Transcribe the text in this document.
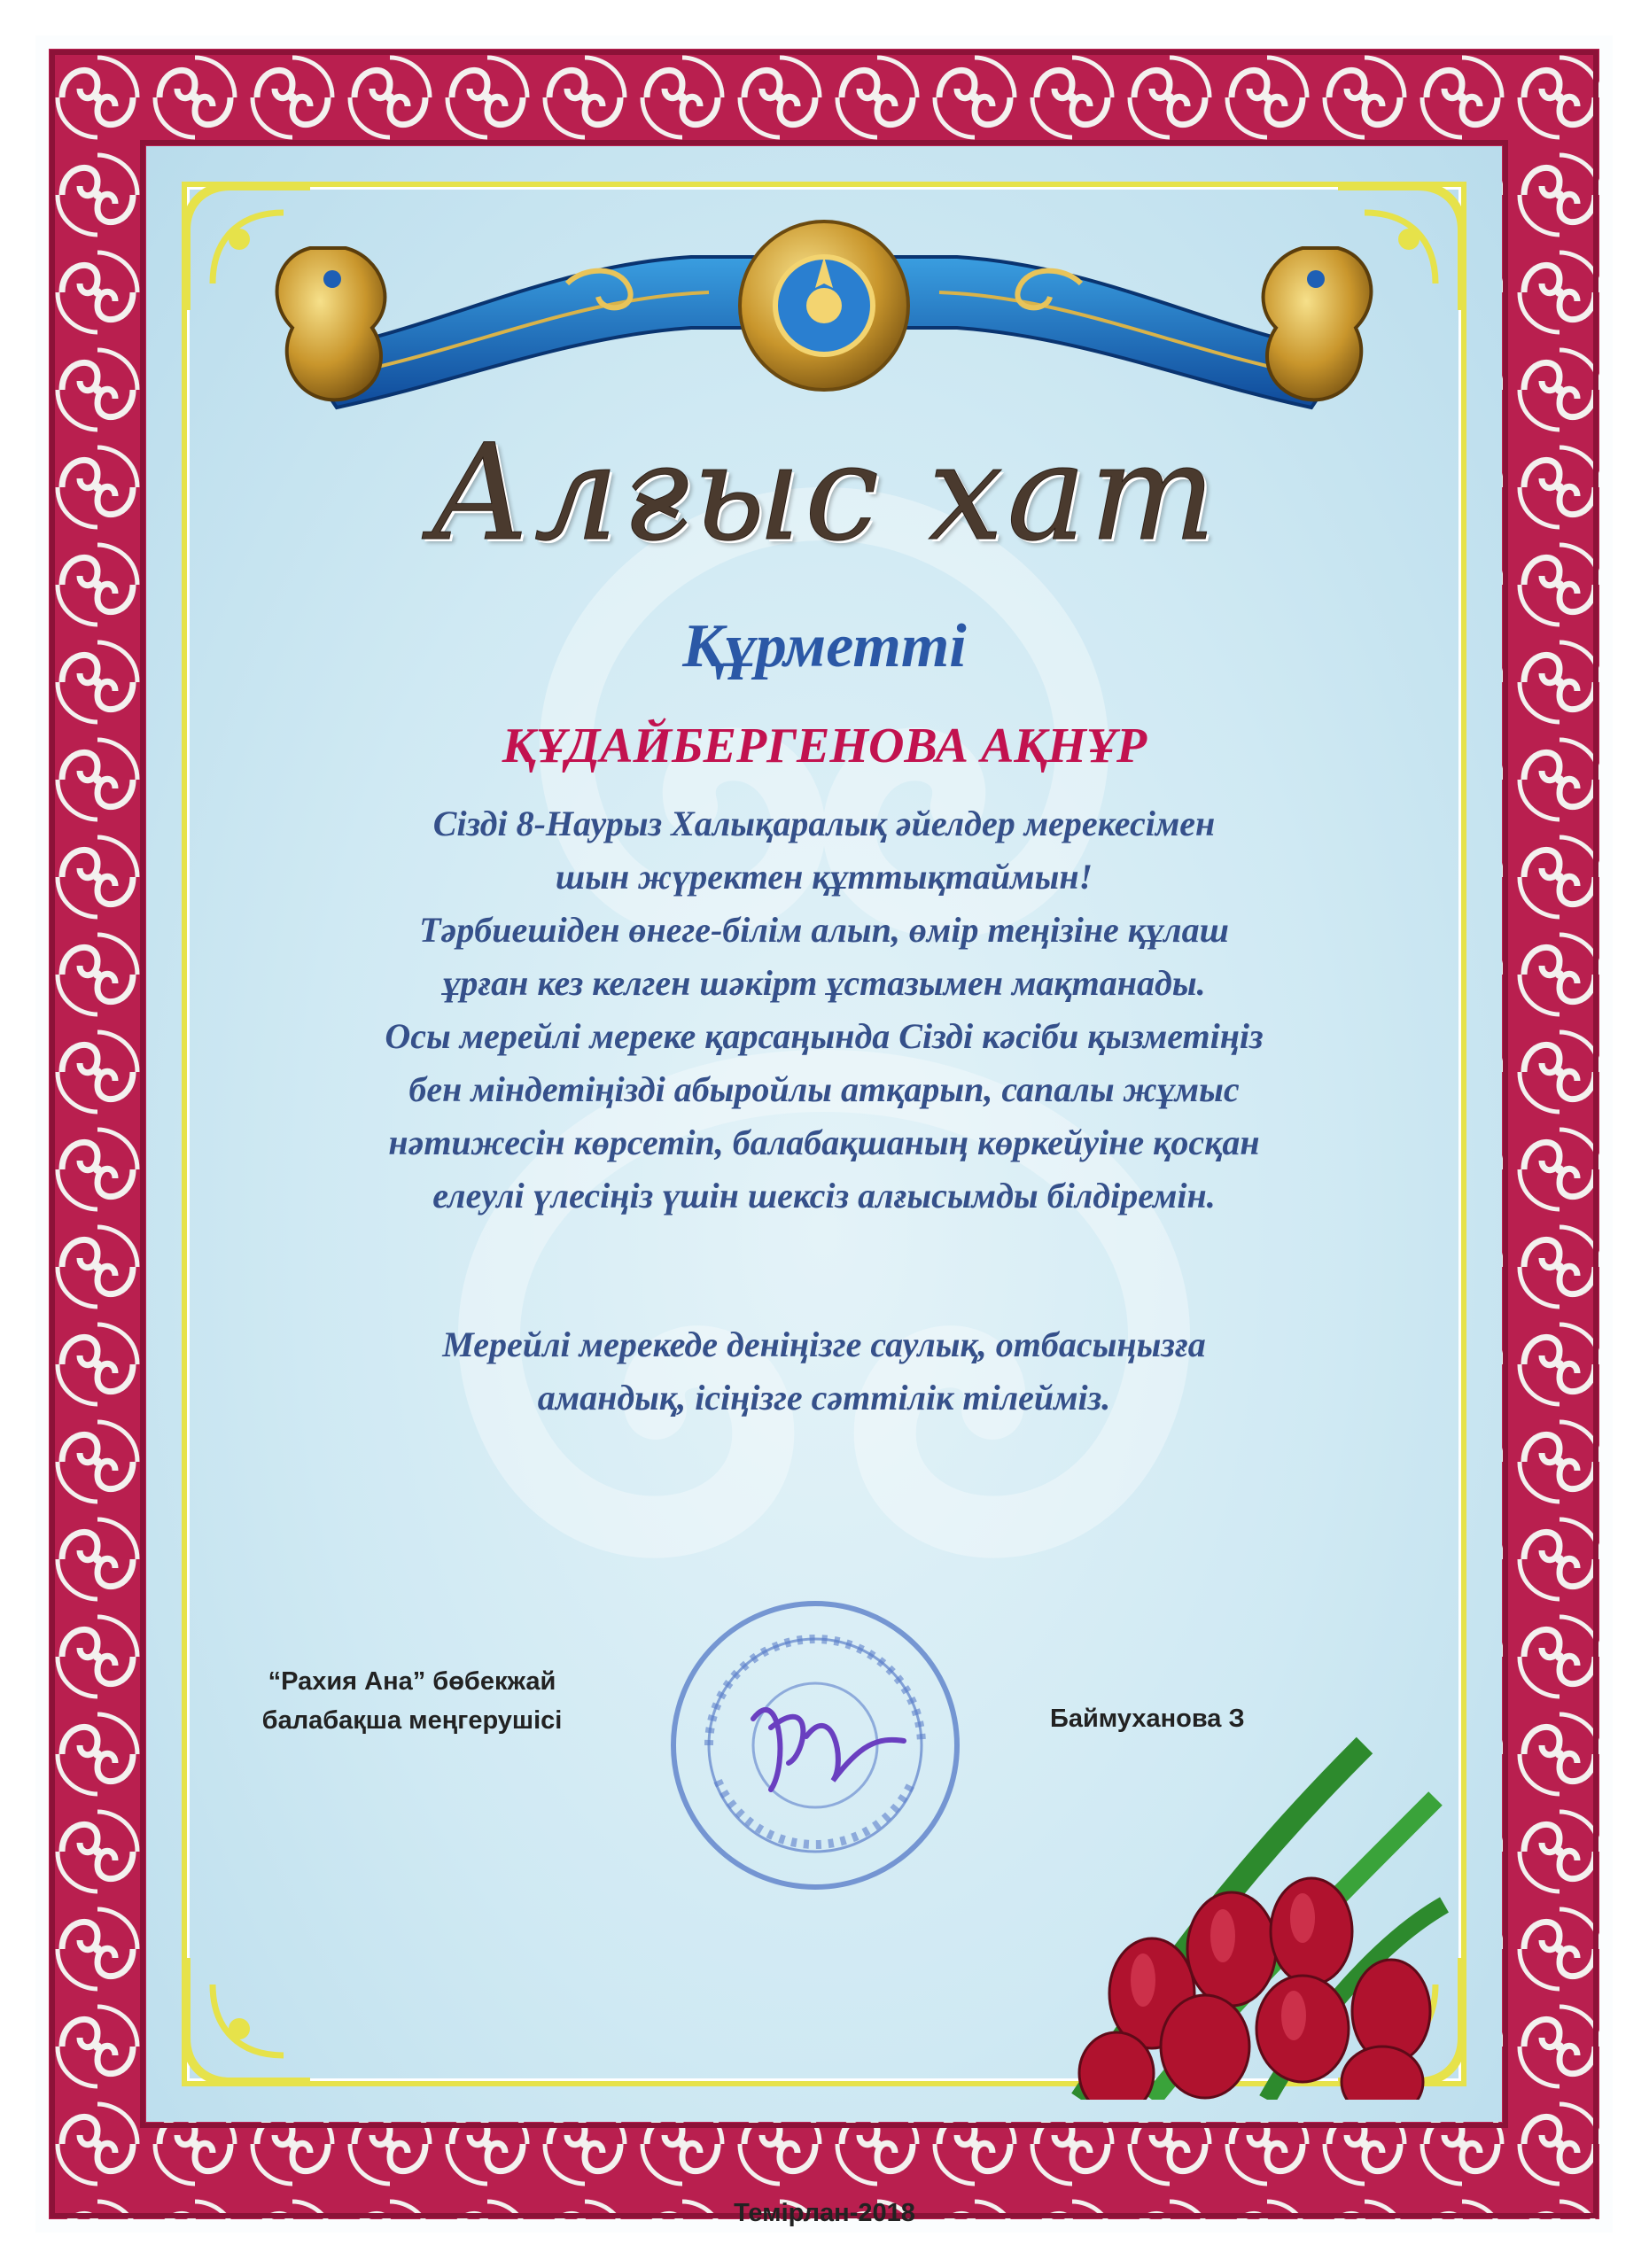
Алғыс хат
Құрметті
ҚҰДАЙБЕРГЕНОВА АҚНҰР
Сізді 8-Наурыз Халықаралық әйелдер мерекесімен
шын жүректен құттықтаймын!
Тәрбиешіден өнеге-білім алып, өмір теңізіне құлаш
ұрған кез келген шәкірт ұстазымен мақтанады.
Осы мерейлі мереке қарсаңында Сізді кәсіби қызметіңіз
бен міндетіңізді абыройлы атқарып, сапалы жұмыс
нәтижесін көрсетіп, балабақшаның көркейуіне қосқан
елеулі үлесіңіз үшін шексіз алғысымды білдіремін.
Мерейлі мерекеде деніңізге саулық, отбасыңызға
амандық, ісіңізге сәттілік тілейміз.
“Рахия Ана” бөбекжай
балабақша меңгерушісі	Баймуханова З
Темірлан-2018
